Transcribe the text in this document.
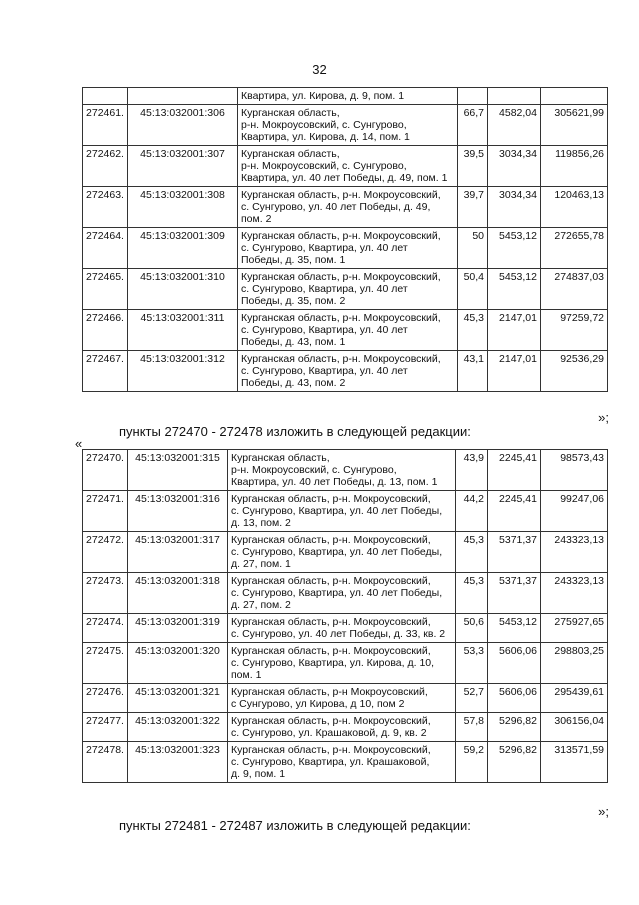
32
		Квартира, ул. Кирова, д. 9, пом. 1			
272461.	45:13:032001:306	Курганская область,
р-н. Мокроусовский, с. Сунгурово,
Квартира, ул. Кирова, д. 14, пом. 1	66,7	4582,04	305621,99
272462.	45:13:032001:307	Курганская область,
р-н. Мокроусовский, с. Сунгурово,
Квартира, ул. 40 лет Победы, д. 49, пом. 1	39,5	3034,34	119856,26
272463.	45:13:032001:308	Курганская область, р-н. Мокроусовский,
с. Сунгурово, ул. 40 лет Победы, д. 49,
пом. 2	39,7	3034,34	120463,13
272464.	45:13:032001:309	Курганская область, р-н. Мокроусовский,
с. Сунгурово, Квартира, ул. 40 лет
Победы, д. 35, пом. 1	50	5453,12	272655,78
272465.	45:13:032001:310	Курганская область, р-н. Мокроусовский,
с. Сунгурово, Квартира, ул. 40 лет
Победы, д. 35, пом. 2	50,4	5453,12	274837,03
272466.	45:13:032001:311	Курганская область, р-н. Мокроусовский,
с. Сунгурово, Квартира, ул. 40 лет
Победы, д. 43, пом. 1	45,3	2147,01	97259,72
272467.	45:13:032001:312	Курганская область, р-н. Мокроусовский,
с. Сунгурово, Квартира, ул. 40 лет
Победы, д. 43, пом. 2	43,1	2147,01	92536,29
»;
пункты 272470 - 272478 изложить в следующей редакции:
«
272470.	45:13:032001:315	Курганская область,
р-н. Мокроусовский, с. Сунгурово,
Квартира, ул. 40 лет Победы, д. 13, пом. 1	43,9	2245,41	98573,43
272471.	45:13:032001:316	Курганская область, р-н. Мокроусовский,
с. Сунгурово, Квартира, ул. 40 лет Победы,
д. 13, пом. 2	44,2	2245,41	99247,06
272472.	45:13:032001:317	Курганская область, р-н. Мокроусовский,
с. Сунгурово, Квартира, ул. 40 лет Победы,
д. 27, пом. 1	45,3	5371,37	243323,13
272473.	45:13:032001:318	Курганская область, р-н. Мокроусовский,
с. Сунгурово, Квартира, ул. 40 лет Победы,
д. 27, пом. 2	45,3	5371,37	243323,13
272474.	45:13:032001:319	Курганская область, р-н. Мокроусовский,
с. Сунгурово, ул. 40 лет Победы, д. 33, кв. 2	50,6	5453,12	275927,65
272475.	45:13:032001:320	Курганская область, р-н. Мокроусовский,
с. Сунгурово, Квартира, ул. Кирова, д. 10,
пом. 1	53,3	5606,06	298803,25
272476.	45:13:032001:321	Курганская область, р-н Мокроусовский,
с Сунгурово, ул Кирова, д 10, пом 2	52,7	5606,06	295439,61
272477.	45:13:032001:322	Курганская область, р-н. Мокроусовский,
с. Сунгурово, ул. Крашаковой, д. 9, кв. 2	57,8	5296,82	306156,04
272478.	45:13:032001:323	Курганская область, р-н. Мокроусовский,
с. Сунгурово, Квартира, ул. Крашаковой,
д. 9, пом. 1	59,2	5296,82	313571,59
»;
пункты 272481 - 272487 изложить в следующей редакции:
